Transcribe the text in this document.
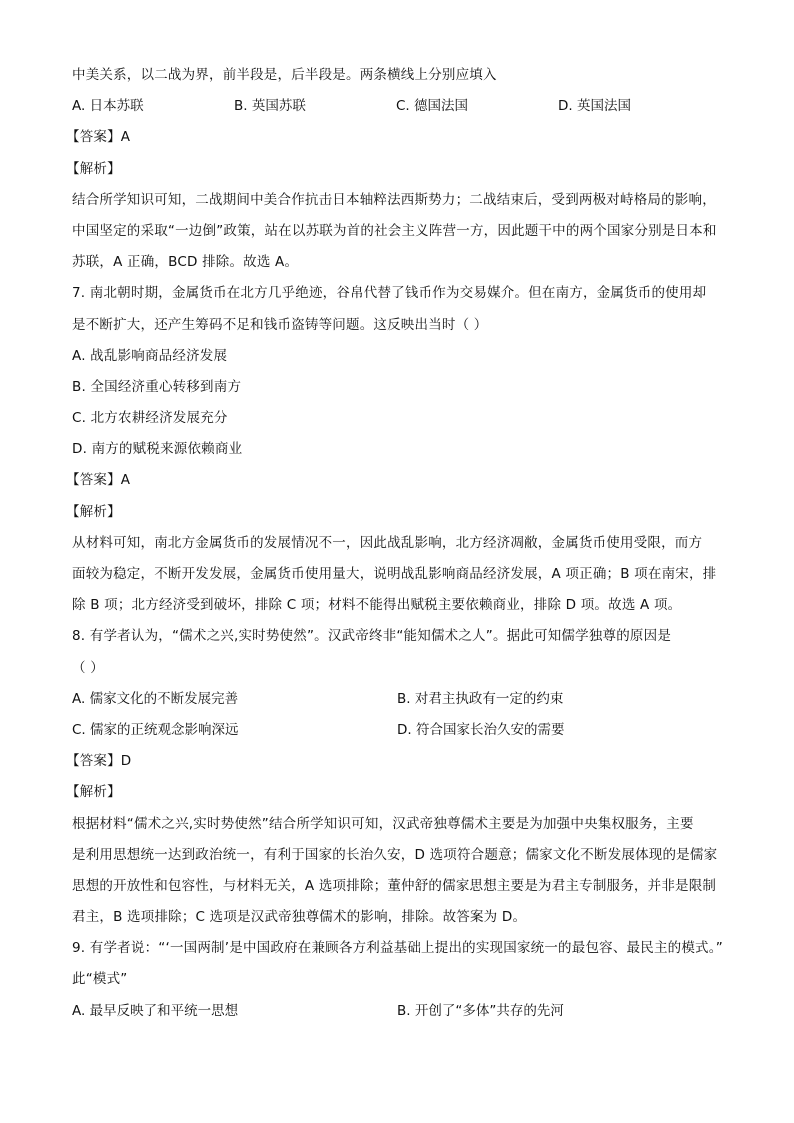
中美关系，以二战为界，前半段是，后半段是。两条横线上分别应填入
A. 日本苏联	B. 英国苏联	C. 德国法国	D. 英国法国
【答案】A
【解析】
结合所学知识可知，二战期间中美合作抗击日本轴粹法西斯势力；二战结束后，受到两极对峙格局的影响，
中国坚定的采取“一边倒”政策，站在以苏联为首的社会主义阵营一方，因此题干中的两个国家分别是日本和
苏联，A 正确，BCD 排除。故选 A。
7. 南北朝时期，金属货币在北方几乎绝迹，谷帛代替了钱币作为交易媒介。但在南方，金属货币的使用却
是不断扩大，还产生筹码不足和钱币盗铸等问题。这反映出当时（ ）
A. 战乱影响商品经济发展
B. 全国经济重心转移到南方
C. 北方农耕经济发展充分
D. 南方的赋税来源依赖商业
【答案】A
【解析】
从材料可知，南北方金属货币的发展情况不一，因此战乱影响，北方经济凋敝，金属货币使用受限，而方
面较为稳定，不断开发发展，金属货币使用量大，说明战乱影响商品经济发展，A 项正确；B 项在南宋，排
除 B 项；北方经济受到破坏，排除 C 项；材料不能得出赋税主要依赖商业，排除 D 项。故选 A 项。
8. 有学者认为，“儒术之兴,实时势使然”。汉武帝终非“能知儒术之人”。据此可知儒学独尊的原因是
（ ）
A. 儒家文化的不断发展完善	B. 对君主执政有一定的约束
C. 儒家的正统观念影响深远	D. 符合国家长治久安的需要
【答案】D
【解析】
根据材料“儒术之兴,实时势使然”结合所学知识可知，汉武帝独尊儒术主要是为加强中央集权服务，主要
是利用思想统一达到政治统一，有利于国家的长治久安，D 选项符合题意；儒家文化不断发展体现的是儒家
思想的开放性和包容性，与材料无关，A 选项排除；董仲舒的儒家思想主要是为君主专制服务，并非是限制
君主，B 选项排除；C 选项是汉武帝独尊儒术的影响，排除。故答案为 D。
9. 有学者说：“‘一国两制’是中国政府在兼顾各方利益基础上提出的实现国家统一的最包容、最民主的模式。”
此“模式”
A. 最早反映了和平统一思想	B. 开创了“多体”共存的先河
